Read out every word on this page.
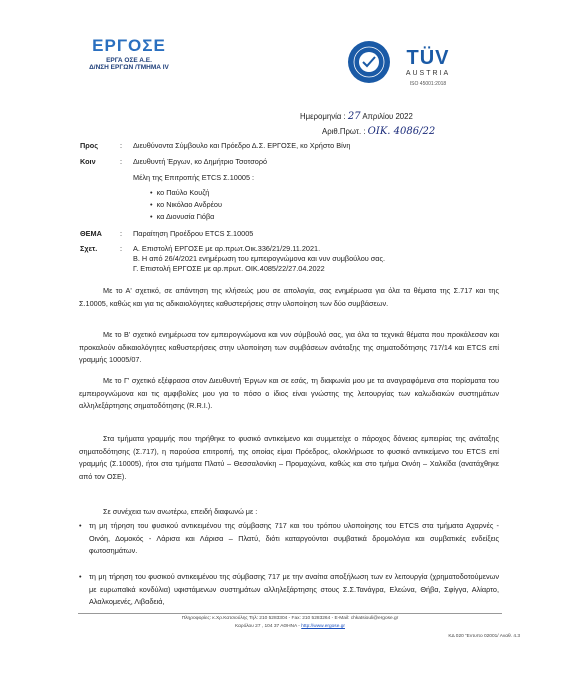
ΕΡΓΟΣΕ
ΕΡΓΑ ΟΣΕ Α.Ε.
Δ/ΝΣΗ ΕΡΓΩΝ /ΤΜΗΜΑ IV	TÜV
AUSTRIA
ISO 45001:2018
Ημερομηνία : 27 Απριλίου 2022
Αριθ.Πρωτ. : ΟΙΚ. 4086/22
Προς	: Διευθύνοντα Σύμβουλο και Πρόεδρο Δ.Σ. ΕΡΓΟΣΕ, κο Χρήστο Βίνη
Κοιν	: Διευθυντή Έργων, κο Δημήτριο Τσοτσορό
Μέλη της Επιτροπής ETCS Σ.10005 :
• κο Παύλο Κουζή
• κο Νικόλαο Ανδρέου
• κα Διονυσία Γιόβα
ΘΕΜΑ : Παραίτηση Προέδρου ETCS Σ.10005
Σχετ.	: Α. Επιστολή ΕΡΓΟΣΕ με αρ.πρωτ.Οικ.336/21/29.11.2021.
Β. Η από 26/4/2021 ενημέρωση του εμπειρογνώμονα και νυν συμβούλου σας.
Γ. Επιστολή ΕΡΓΟΣΕ με αρ.πρωτ. ΟΙΚ.4085/22/27.04.2022
Με το Α' σχετικό, σε απάντηση της κλήσεώς μου σε απολογία, σας ενημέρωσα για όλα τα θέματα της Σ.717 και της Σ.10005, καθώς και για τις αδικαιολόγητες καθυστερήσεις στην υλοποίηση των δύο συμβάσεων.
Με το Β' σχετικό ενημέρωσα τον εμπειρογνώμονα και νυν σύμβουλό σας, για όλα τα τεχνικά θέματα που προκάλεσαν και προκαλούν αδικαιολόγητες καθυστερήσεις στην υλοποίηση των συμβάσεων ανάταξης της σηματοδότησης 717/14 και ETCS επί γραμμής 10005/07.
Με το Γ' σχετικό εξέφρασα στον Διευθυντή Έργων και σε εσάς, τη διαφωνία μου με τα αναγραφόμενα στα πορίσματα του εμπειρογνώμονα και τις αμφιβολίες μου για το πόσο ο ίδιος είναι γνώστης της λειτουργίας των καλωδιακών συστημάτων αλληλεξάρτησης σηματοδότησης (R.R.I.).
Στα τμήματα γραμμής που τηρήθηκε το φυσικό αντικείμενο και συμμετείχε ο πάροχος δάνειας εμπειρίας της ανάταξης σηματοδότησης (Σ.717), η παρούσα επιτροπή, της οποίας είμαι Πρόεδρος, ολοκλήρωσε το φυσικό αντικείμενο του ETCS επί γραμμής (Σ.10005), ήτοι στα τμήματα Πλατύ – Θεσσαλονίκη – Προμαχώνα, καθώς και στο τμήμα Οινόη – Χαλκίδα (ανατάχθηκε από τον ΟΣΕ).
Σε συνέχεια των ανωτέρω, επειδή διαφωνώ με :
•	τη μη τήρηση του φυσικού αντικειμένου της σύμβασης 717 και του τρόπου υλοποίησης του ETCS στα τμήματα Αχαρνές - Οινόη, Δομοκός - Λάρισα και Λάρισα – Πλατύ, διότι καταργούνται συμβατικά δρομολόγια και συμβατικές ενδείξεις φωτοσημάτων.
•	τη μη τήρηση του φυσικού αντικειμένου της σύμβασης 717 με την αναίτια αποξήλωση των εν λειτουργία (χρηματοδοτούμενων με ευρωπαϊκά κονδύλια) υφιστάμενων συστημάτων αλληλεξάρτησης στους Σ.Σ.Τανάγρα, Ελεώνα, Θήβα, Σφίγγα, Αλίαρτο, Αλαλκομενές, Λιβαδειά,
Πληροφορίες: κ.Χρ.Κατσιούλης Τηλ: 210 5283304 - Fax: 210 5283264 - E-Mail: chkatsiouli@ergose.gr
Καρόλου 27 , 104 37 ΑΘΗΝΑ - http://www.ergose.gr
ΚΔ 020 'Έντυπο 02001/ Αναθ. 4.3
